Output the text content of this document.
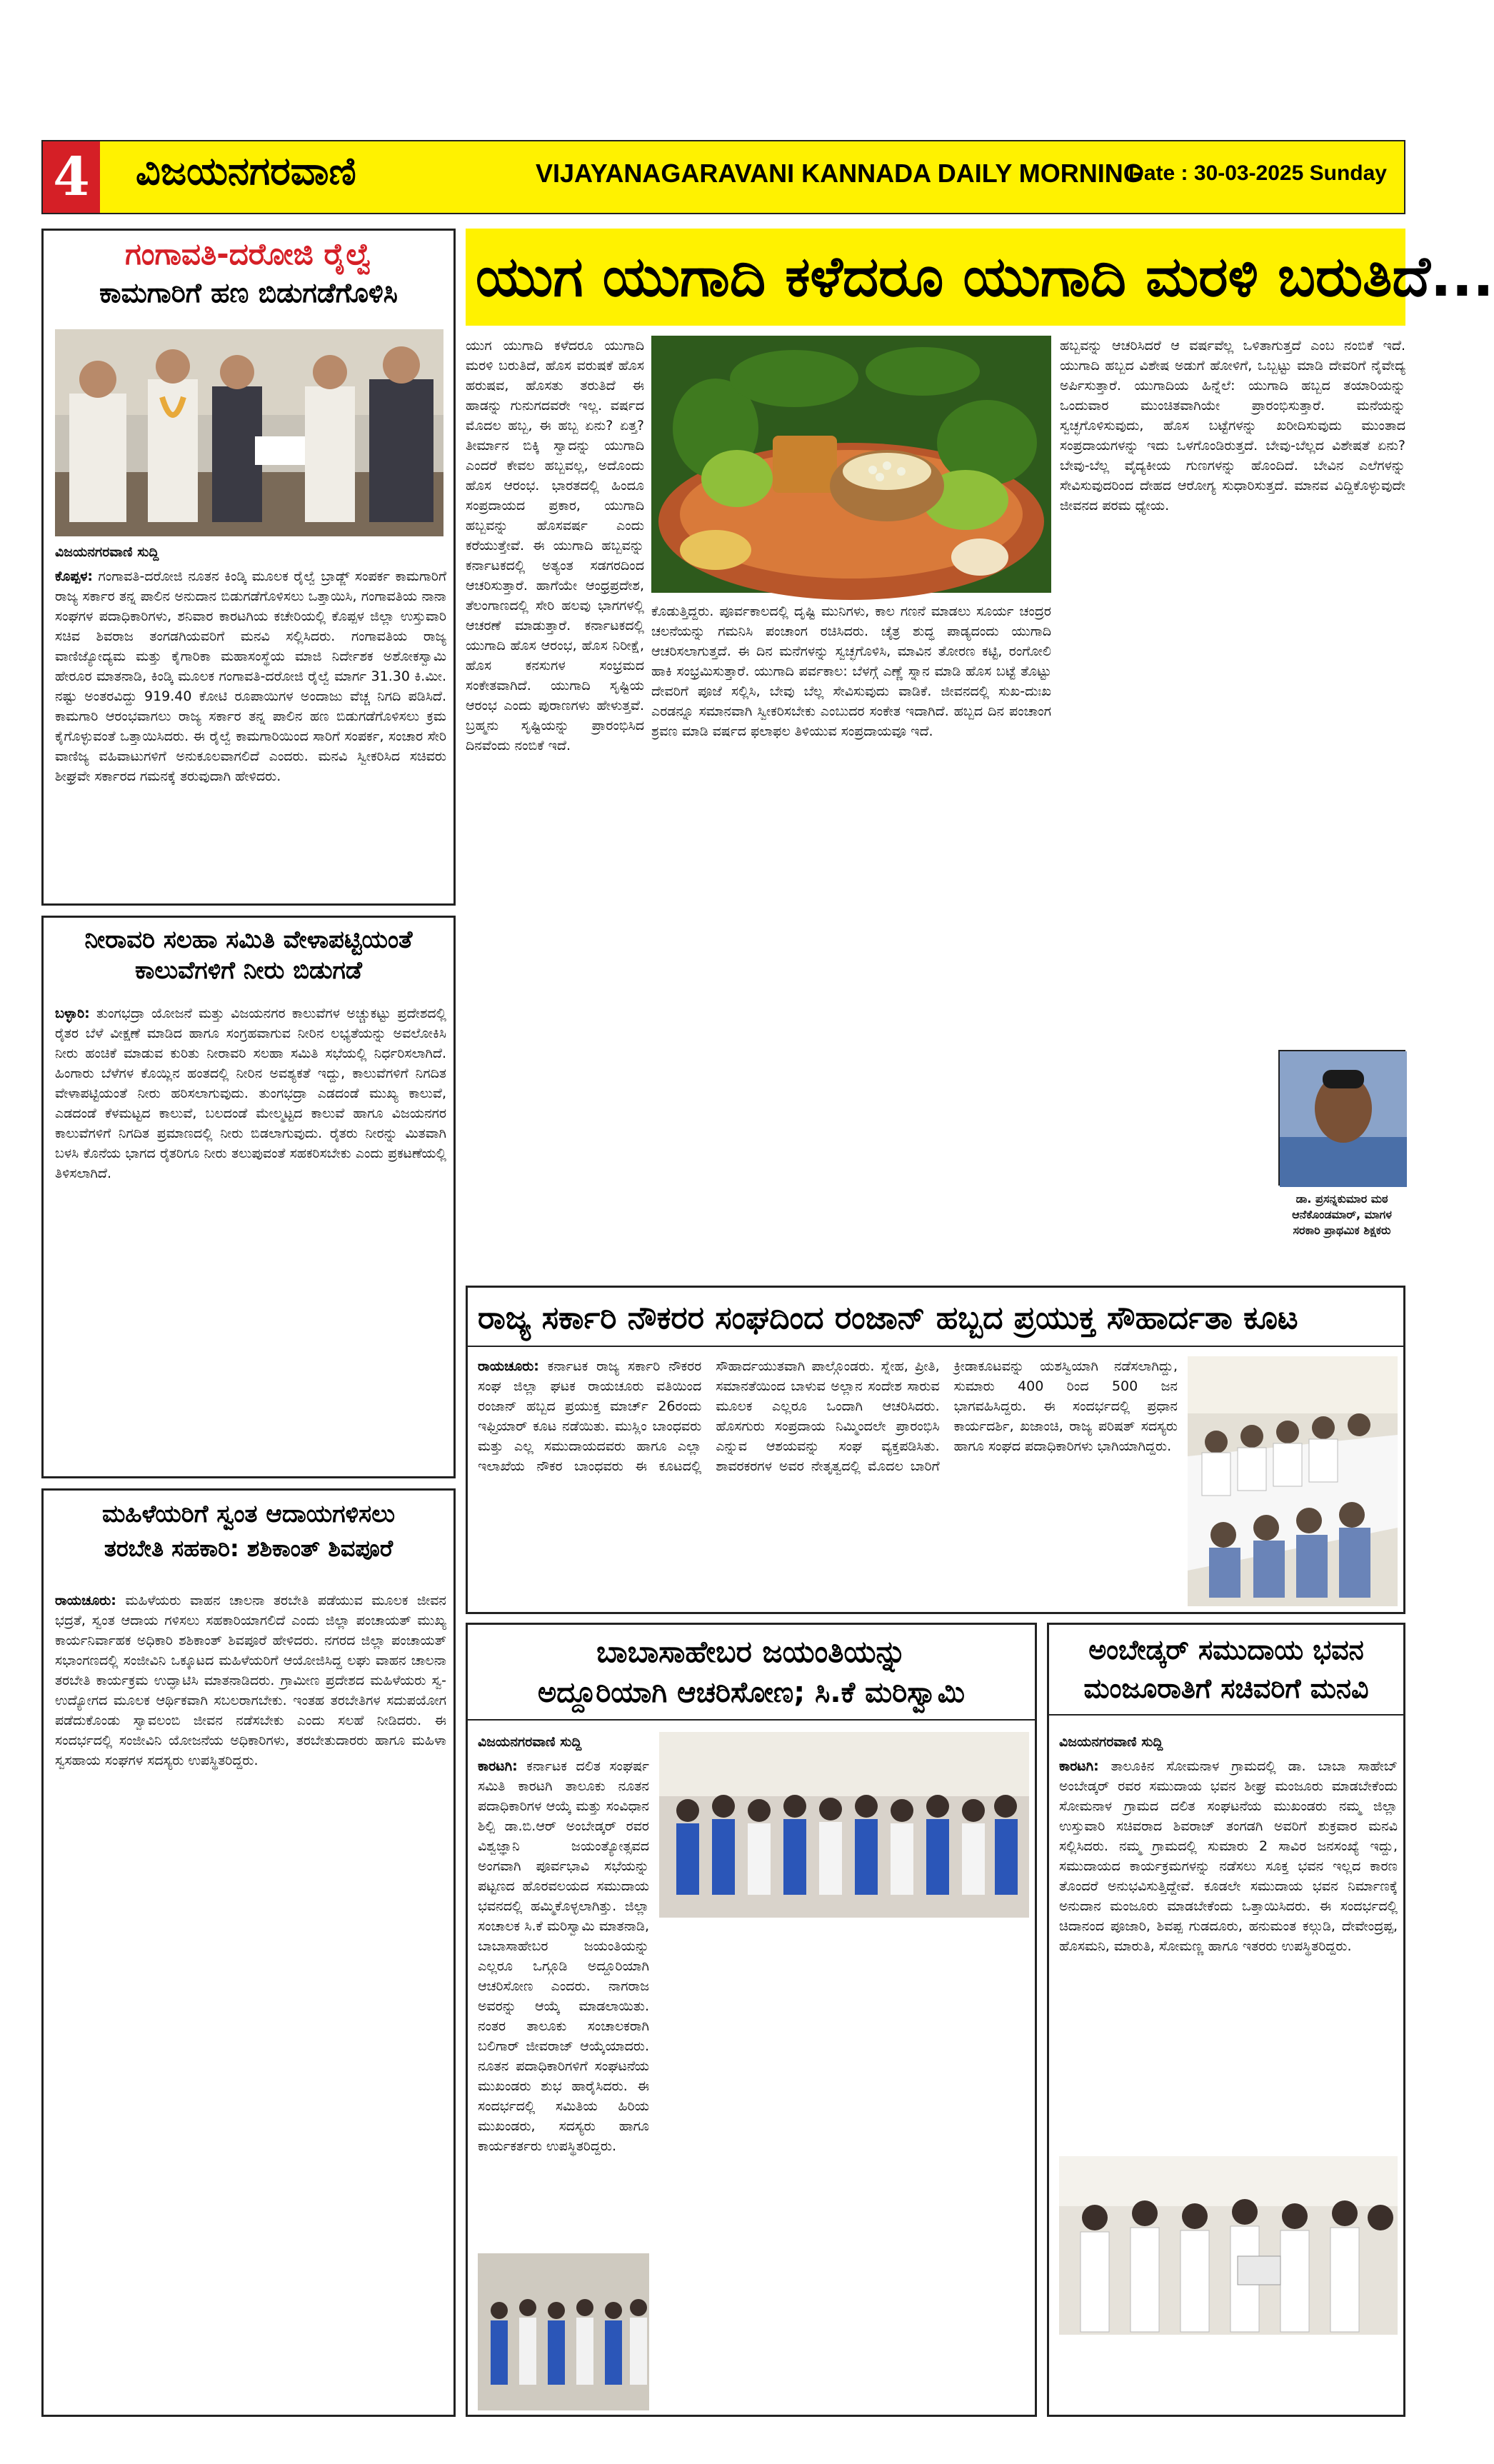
4 ವಿಜಯನಗರವಾಣಿ	VIJAYANAGARAVANI KANNADA DAILY MORNING
Date : 30-03-2025 Sunday
ಗಂಗಾವತಿ-ದರೋಜಿ ರೈಲ್ವೆ
ಕಾಮಗಾರಿಗೆ ಹಣ ಬಿಡುಗಡೆಗೊಳಿಸಿ
ವಿಜಯನಗರವಾಣಿ ಸುದ್ದಿ
ಕೊಪ್ಪಳ: ಗಂಗಾವತಿ-ದರೋಜಿ ನೂತನ ಕಿಂಡ್ಕಿ ಮೂಲಕ ರೈಲ್ವೆ ಬ್ರಾಡ್ಜ್ ಸಂಪರ್ಕ ಕಾಮಗಾರಿಗೆ ರಾಜ್ಯ ಸರ್ಕಾರ ತನ್ನ ಪಾಲಿನ ಅನುದಾನ ಬಿಡುಗಡೆಗೊಳಿಸಲು ಒತ್ತಾಯಿಸಿ, ಗಂಗಾವತಿಯ ನಾನಾ ಸಂಘಗಳ ಪದಾಧಿಕಾರಿಗಳು, ಶನಿವಾರ ಕಾರಟಗಿಯ ಕಚೇರಿಯಲ್ಲಿ ಕೊಪ್ಪಳ ಜಿಲ್ಲಾ ಉಸ್ತುವಾರಿ ಸಚಿವ ಶಿವರಾಜ ತಂಗಡಗಿಯವರಿಗೆ ಮನವಿ ಸಲ್ಲಿಸಿದರು. ಗಂಗಾವತಿಯ ರಾಜ್ಯ ವಾಣಿಜ್ಯೋದ್ಯಮ ಮತ್ತು ಕೈಗಾರಿಕಾ ಮಹಾಸಂಸ್ಥೆಯ ಮಾಜಿ ನಿರ್ದೇಶಕ ಅಶೋಕಸ್ವಾಮಿ ಹೇರೂರ ಮಾತನಾಡಿ, ಕಿಂಡ್ಕಿ ಮೂಲಕ ಗಂಗಾವತಿ-ದರೋಜಿ ರೈಲ್ವೆ ಮಾರ್ಗ 31.30 ಕಿ.ಮೀ. ನಷ್ಟು ಅಂತರವಿದ್ದು 919.40 ಕೋಟಿ ರೂಪಾಯಿಗಳ ಅಂದಾಜು ವೆಚ್ಚ ನಿಗದಿ ಪಡಿಸಿದೆ. ಕಾಮಗಾರಿ ಆರಂಭವಾಗಲು ರಾಜ್ಯ ಸರ್ಕಾರ ತನ್ನ ಪಾಲಿನ ಹಣ ಬಿಡುಗಡೆಗೊಳಿಸಲು ಕ್ರಮ ಕೈಗೊಳ್ಳುವಂತೆ ಒತ್ತಾಯಿಸಿದರು. ಈ ರೈಲ್ವೆ ಕಾಮಗಾರಿಯಿಂದ ಸಾರಿಗೆ ಸಂಪರ್ಕ, ಸಂಚಾರ ಸೇರಿ ವಾಣಿಜ್ಯ ವಹಿವಾಟುಗಳಿಗೆ ಅನುಕೂಲವಾಗಲಿದೆ ಎಂದರು. ಮನವಿ ಸ್ವೀಕರಿಸಿದ ಸಚಿವರು ಶೀಘ್ರವೇ ಸರ್ಕಾರದ ಗಮನಕ್ಕೆ ತರುವುದಾಗಿ ಹೇಳಿದರು.
ನೀರಾವರಿ ಸಲಹಾ ಸಮಿತಿ ವೇಳಾಪಟ್ಟಿಯಂತೆ ಕಾಲುವೆಗಳಿಗೆ ನೀರು ಬಿಡುಗಡೆ
ಬಳ್ಳಾರಿ: ತುಂಗಭದ್ರಾ ಯೋಜನೆ ಮತ್ತು ವಿಜಯನಗರ ಕಾಲುವೆಗಳ ಅಚ್ಚುಕಟ್ಟು ಪ್ರದೇಶದಲ್ಲಿ ರೈತರ ಬೆಳೆ ವೀಕ್ಷಣೆ ಮಾಡಿದ ಹಾಗೂ ಸಂಗ್ರಹವಾಗುವ ನೀರಿನ ಲಭ್ಯತೆಯನ್ನು ಅವಲೋಕಿಸಿ ನೀರು ಹಂಚಿಕೆ ಮಾಡುವ ಕುರಿತು ನೀರಾವರಿ ಸಲಹಾ ಸಮಿತಿ ಸಭೆಯಲ್ಲಿ ನಿರ್ಧರಿಸಲಾಗಿದೆ. ಹಿಂಗಾರು ಬೆಳೆಗಳ ಕೊಯ್ಲಿನ ಹಂತದಲ್ಲಿ ನೀರಿನ ಅವಶ್ಯಕತೆ ಇದ್ದು, ಕಾಲುವೆಗಳಿಗೆ ನಿಗದಿತ ವೇಳಾಪಟ್ಟಿಯಂತೆ ನೀರು ಹರಿಸಲಾಗುವುದು. ತುಂಗಭದ್ರಾ ಎಡದಂಡೆ ಮುಖ್ಯ ಕಾಲುವೆ, ಎಡದಂಡೆ ಕೆಳಮಟ್ಟದ ಕಾಲುವೆ, ಬಲದಂಡೆ ಮೇಲ್ಮಟ್ಟದ ಕಾಲುವೆ ಹಾಗೂ ವಿಜಯನಗರ ಕಾಲುವೆಗಳಿಗೆ ನಿಗದಿತ ಪ್ರಮಾಣದಲ್ಲಿ ನೀರು ಬಿಡಲಾಗುವುದು. ರೈತರು ನೀರನ್ನು ಮಿತವಾಗಿ ಬಳಸಿ ಕೊನೆಯ ಭಾಗದ ರೈತರಿಗೂ ನೀರು ತಲುಪುವಂತೆ ಸಹಕರಿಸಬೇಕು ಎಂದು ಪ್ರಕಟಣೆಯಲ್ಲಿ ತಿಳಿಸಲಾಗಿದೆ.
ಮಹಿಳೆಯರಿಗೆ ಸ್ವಂತ ಆದಾಯಗಳಿಸಲು
ತರಬೇತಿ ಸಹಕಾರಿ: ಶಶಿಕಾಂತ್ ಶಿವಪೂರೆ
ರಾಯಚೂರು: ಮಹಿಳೆಯರು ವಾಹನ ಚಾಲನಾ ತರಬೇತಿ ಪಡೆಯುವ ಮೂಲಕ ಜೀವನ ಭದ್ರತೆ, ಸ್ವಂತ ಆದಾಯ ಗಳಿಸಲು ಸಹಕಾರಿಯಾಗಲಿದೆ ಎಂದು ಜಿಲ್ಲಾ ಪಂಚಾಯತ್ ಮುಖ್ಯ ಕಾರ್ಯನಿರ್ವಾಹಕ ಅಧಿಕಾರಿ ಶಶಿಕಾಂತ್ ಶಿವಪೂರೆ ಹೇಳಿದರು. ನಗರದ ಜಿಲ್ಲಾ ಪಂಚಾಯತ್ ಸಭಾಂಗಣದಲ್ಲಿ ಸಂಜೀವಿನಿ ಒಕ್ಕೂಟದ ಮಹಿಳೆಯರಿಗೆ ಆಯೋಜಿಸಿದ್ದ ಲಘು ವಾಹನ ಚಾಲನಾ ತರಬೇತಿ ಕಾರ್ಯಕ್ರಮ ಉದ್ಘಾಟಿಸಿ ಮಾತನಾಡಿದರು. ಗ್ರಾಮೀಣ ಪ್ರದೇಶದ ಮಹಿಳೆಯರು ಸ್ವ-ಉದ್ಯೋಗದ ಮೂಲಕ ಆರ್ಥಿಕವಾಗಿ ಸಬಲರಾಗಬೇಕು. ಇಂತಹ ತರಬೇತಿಗಳ ಸದುಪಯೋಗ ಪಡೆದುಕೊಂಡು ಸ್ವಾವಲಂಬಿ ಜೀವನ ನಡೆಸಬೇಕು ಎಂದು ಸಲಹೆ ನೀಡಿದರು. ಈ ಸಂದರ್ಭದಲ್ಲಿ ಸಂಜೀವಿನಿ ಯೋಜನೆಯ ಅಧಿಕಾರಿಗಳು, ತರಬೇತುದಾರರು ಹಾಗೂ ಮಹಿಳಾ ಸ್ವಸಹಾಯ ಸಂಘಗಳ ಸದಸ್ಯರು ಉಪಸ್ಥಿತರಿದ್ದರು.
ಯುಗ ಯುಗಾದಿ ಕಳೆದರೂ ಯುಗಾದಿ ಮರಳಿ ಬರುತಿದೆ...
ಯುಗ ಯುಗಾದಿ ಕಳೆದರೂ ಯುಗಾದಿ ಮರಳಿ ಬರುತಿದೆ, ಹೊಸ ವರುಷಕೆ ಹೊಸ ಹರುಷವ, ಹೊಸತು ತರುತಿದೆ ಈ ಹಾಡನ್ನು ಗುನುಗದವರೇ ಇಲ್ಲ. ವರ್ಷದ ಮೊದಲ ಹಬ್ಬ, ಈ ಹಬ್ಬ ಏನು? ಏತ್ತ? ತೀರ್ಮಾನ ಬಿಕ್ಕಿ ಸ್ವಾದನ್ನು ಯುಗಾದಿ ಎಂದರೆ ಕೇವಲ ಹಬ್ಬವಲ್ಲ, ಅದೊಂದು ಹೊಸ ಆರಂಭ. ಭಾರತದಲ್ಲಿ ಹಿಂದೂ ಸಂಪ್ರದಾಯದ ಪ್ರಕಾರ, ಯುಗಾದಿ ಹಬ್ಬವನ್ನು ಹೊಸವರ್ಷ ಎಂದು ಕರೆಯುತ್ತೇವೆ. ಈ ಯುಗಾದಿ ಹಬ್ಬವನ್ನು ಕರ್ನಾಟಕದಲ್ಲಿ ಅತ್ಯಂತ ಸಡಗರದಿಂದ ಆಚರಿಸುತ್ತಾರೆ. ಹಾಗೆಯೇ ಆಂಧ್ರಪ್ರದೇಶ, ತೆಲಂಗಾಣದಲ್ಲಿ ಸೇರಿ ಹಲವು ಭಾಗಗಳಲ್ಲಿ ಆಚರಣೆ ಮಾಡುತ್ತಾರೆ. ಕರ್ನಾಟಕದಲ್ಲಿ ಯುಗಾದಿ ಹೊಸ ಆರಂಭ, ಹೊಸ ನಿರೀಕ್ಷೆ, ಹೊಸ ಕನಸುಗಳ ಸಂಭ್ರಮದ ಸಂಕೇತವಾಗಿದೆ. ಯುಗಾದಿ ಸೃಷ್ಟಿಯ ಆರಂಭ ಎಂದು ಪುರಾಣಗಳು ಹೇಳುತ್ತವೆ. ಬ್ರಹ್ಮನು ಸೃಷ್ಟಿಯನ್ನು ಪ್ರಾರಂಭಿಸಿದ ದಿನವೆಂದು ನಂಬಿಕೆ ಇದೆ.
ಹಬ್ಬವನ್ನು ಆಚರಿಸಿದರೆ ಆ ವರ್ಷವೆಲ್ಲ ಒಳಿತಾಗುತ್ತದೆ ಎಂಬ ನಂಬಿಕೆ ಇದೆ. ಯುಗಾದಿ ಹಬ್ಬದ ವಿಶೇಷ ಅಡುಗೆ ಹೋಳಿಗೆ, ಒಬ್ಬಟ್ಟು ಮಾಡಿ ದೇವರಿಗೆ ನೈವೇದ್ಯ ಅರ್ಪಿಸುತ್ತಾರೆ. ಯುಗಾದಿಯ ಹಿನ್ನೆಲೆ: ಯುಗಾದಿ ಹಬ್ಬದ ತಯಾರಿಯನ್ನು ಒಂದುವಾರ ಮುಂಚಿತವಾಗಿಯೇ ಪ್ರಾರಂಭಿಸುತ್ತಾರೆ. ಮನೆಯನ್ನು ಸ್ವಚ್ಛಗೊಳಿಸುವುದು, ಹೊಸ ಬಟ್ಟೆಗಳನ್ನು ಖರೀದಿಸುವುದು ಮುಂತಾದ ಸಂಪ್ರದಾಯಗಳನ್ನು ಇದು ಒಳಗೊಂಡಿರುತ್ತದೆ. ಬೇವು-ಬೆಲ್ಲದ ವಿಶೇಷತೆ ಏನು? ಬೇವು-ಬೆಲ್ಲ ವೈದ್ಯಕೀಯ ಗುಣಗಳನ್ನು ಹೊಂದಿದೆ. ಬೇವಿನ ಎಲೆಗಳನ್ನು ಸೇವಿಸುವುದರಿಂದ ದೇಹದ ಆರೋಗ್ಯ ಸುಧಾರಿಸುತ್ತದೆ. ಮಾನವ ವಿದ್ದಿಕೊಳ್ಳುವುದೇ ಜೀವನದ ಪರಮ ಧ್ಯೇಯ.
ಕೊಡುತ್ತಿದ್ದರು. ಪೂರ್ವಕಾಲದಲ್ಲಿ ದೃಷ್ಟಿ ಮುನಿಗಳು, ಕಾಲ ಗಣನೆ ಮಾಡಲು ಸೂರ್ಯ ಚಂದ್ರರ ಚಲನೆಯನ್ನು ಗಮನಿಸಿ ಪಂಚಾಂಗ ರಚಿಸಿದರು. ಚೈತ್ರ ಶುದ್ಧ ಪಾಡ್ಯದಂದು ಯುಗಾದಿ ಆಚರಿಸಲಾಗುತ್ತದೆ. ಈ ದಿನ ಮನೆಗಳನ್ನು ಸ್ವಚ್ಛಗೊಳಿಸಿ, ಮಾವಿನ ತೋರಣ ಕಟ್ಟಿ, ರಂಗೋಲಿ ಹಾಕಿ ಸಂಭ್ರಮಿಸುತ್ತಾರೆ. ಯುಗಾದಿ ಪರ್ವಕಾಲ: ಬೆಳಗ್ಗೆ ಎಣ್ಣೆ ಸ್ನಾನ ಮಾಡಿ ಹೊಸ ಬಟ್ಟೆ ತೊಟ್ಟು ದೇವರಿಗೆ ಪೂಜೆ ಸಲ್ಲಿಸಿ, ಬೇವು ಬೆಲ್ಲ ಸೇವಿಸುವುದು ವಾಡಿಕೆ. ಜೀವನದಲ್ಲಿ ಸುಖ-ದುಃಖ ಎರಡನ್ನೂ ಸಮಾನವಾಗಿ ಸ್ವೀಕರಿಸಬೇಕು ಎಂಬುದರ ಸಂಕೇತ ಇದಾಗಿದೆ. ಹಬ್ಬದ ದಿನ ಪಂಚಾಂಗ ಶ್ರವಣ ಮಾಡಿ ವರ್ಷದ ಫಲಾಫಲ ತಿಳಿಯುವ ಸಂಪ್ರದಾಯವೂ ಇದೆ.
ಡಾ. ಪ್ರಸನ್ನಕುಮಾರ ಮಠ ಆನೆಕೊಂಡಮಾರ್, ಮಾಗಳ ಸರಕಾರಿ ಪ್ರಾಥಮಿಕ ಶಿಕ್ಷಕರು
ರಾಜ್ಯ ಸರ್ಕಾರಿ ನೌಕರರ ಸಂಘದಿಂದ ರಂಜಾನ್ ಹಬ್ಬದ ಪ್ರಯುಕ್ತ ಸೌಹಾರ್ದತಾ ಕೂಟ
ರಾಯಚೂರು: ಕರ್ನಾಟಕ ರಾಜ್ಯ ಸರ್ಕಾರಿ ನೌಕರರ ಸಂಘ ಜಿಲ್ಲಾ ಘಟಕ ರಾಯಚೂರು ವತಿಯಿಂದ ರಂಜಾನ್ ಹಬ್ಬದ ಪ್ರಯುಕ್ತ ಮಾರ್ಚ್ 26ರಂದು ಇಫ್ತಿಯಾರ್ ಕೂಟ ನಡೆಯಿತು. ಮುಸ್ಲಿಂ ಬಾಂಧವರು ಮತ್ತು ಎಲ್ಲ ಸಮುದಾಯದವರು ಹಾಗೂ ಎಲ್ಲಾ ಇಲಾಖೆಯ ನೌಕರ ಬಾಂಧವರು ಈ ಕೂಟದಲ್ಲಿ ಸೌಹಾರ್ದಯುತವಾಗಿ ಪಾಲ್ಗೊಂಡರು. ಸ್ನೇಹ, ಪ್ರೀತಿ, ಸಮಾನತೆಯಿಂದ ಬಾಳುವ ಅಲ್ಲಾನ ಸಂದೇಶ ಸಾರುವ ಮೂಲಕ ಎಲ್ಲರೂ ಒಂದಾಗಿ ಆಚರಿಸಿದರು. ಹೊಸಗುರು ಸಂಪ್ರದಾಯ ನಿಮ್ಮಿಂದಲೇ ಪ್ರಾರಂಭಿಸಿ ಎನ್ನುವ ಆಶಯವನ್ನು ಸಂಘ ವ್ಯಕ್ತಪಡಿಸಿತು. ಶಾವರಕರಗಳ ಅವರ ನೇತೃತ್ವದಲ್ಲಿ ಮೊದಲ ಬಾರಿಗೆ ಕ್ರೀಡಾಕೂಟವನ್ನು ಯಶಸ್ವಿಯಾಗಿ ನಡೆಸಲಾಗಿದ್ದು, ಸುಮಾರು 400 ರಿಂದ 500 ಜನ ಭಾಗವಹಿಸಿದ್ದರು. ಈ ಸಂದರ್ಭದಲ್ಲಿ ಪ್ರಧಾನ ಕಾರ್ಯದರ್ಶಿ, ಖಜಾಂಚಿ, ರಾಜ್ಯ ಪರಿಷತ್ ಸದಸ್ಯರು ಹಾಗೂ ಸಂಘದ ಪದಾಧಿಕಾರಿಗಳು ಭಾಗಿಯಾಗಿದ್ದರು.
ಬಾಬಾಸಾಹೇಬರ ಜಯಂತಿಯನ್ನು
ಅದ್ದೂರಿಯಾಗಿ ಆಚರಿಸೋಣ; ಸಿ.ಕೆ ಮರಿಸ್ವಾಮಿ
ವಿಜಯನಗರವಾಣಿ ಸುದ್ದಿ
ಕಾರಟಗಿ: ಕರ್ನಾಟಕ ದಲಿತ ಸಂಘರ್ಷ ಸಮಿತಿ ಕಾರಟಗಿ ತಾಲೂಕು ನೂತನ ಪದಾಧಿಕಾರಿಗಳ ಆಯ್ಕೆ ಮತ್ತು ಸಂವಿಧಾನ ಶಿಲ್ಪಿ ಡಾ.ಬಿ.ಆರ್ ಅಂಬೇಡ್ಕರ್ ರವರ ವಿಶ್ವಜ್ಞಾನಿ ಜಯಂತ್ಯೋತ್ಸವದ ಅಂಗವಾಗಿ ಪೂರ್ವಭಾವಿ ಸಭೆಯನ್ನು ಪಟ್ಟಣದ ಹೊರವಲಯದ ಸಮುದಾಯ ಭವನದಲ್ಲಿ ಹಮ್ಮಿಕೊಳ್ಳಲಾಗಿತ್ತು. ಜಿಲ್ಲಾ ಸಂಚಾಲಕ ಸಿ.ಕೆ ಮರಿಸ್ವಾಮಿ ಮಾತನಾಡಿ, ಬಾಬಾಸಾಹೇಬರ ಜಯಂತಿಯನ್ನು ಎಲ್ಲರೂ ಒಗ್ಗೂಡಿ ಅದ್ದೂರಿಯಾಗಿ ಆಚರಿಸೋಣ ಎಂದರು. ನಾಗರಾಜ ಅವರನ್ನು ಆಯ್ಕೆ ಮಾಡಲಾಯಿತು. ನಂತರ ತಾಲೂಕು ಸಂಚಾಲಕರಾಗಿ ಬಲಿಗಾರ್ ಜೀವರಾಜ್ ಆಯ್ಕೆಯಾದರು. ನೂತನ ಪದಾಧಿಕಾರಿಗಳಿಗೆ ಸಂಘಟನೆಯ ಮುಖಂಡರು ಶುಭ ಹಾರೈಸಿದರು. ಈ ಸಂದರ್ಭದಲ್ಲಿ ಸಮಿತಿಯ ಹಿರಿಯ ಮುಖಂಡರು, ಸದಸ್ಯರು ಹಾಗೂ ಕಾರ್ಯಕರ್ತರು ಉಪಸ್ಥಿತರಿದ್ದರು.
ಅಂಬೇಡ್ಕರ್ ಸಮುದಾಯ ಭವನ
ಮಂಜೂರಾತಿಗೆ ಸಚಿವರಿಗೆ ಮನವಿ
ವಿಜಯನಗರವಾಣಿ ಸುದ್ದಿ
ಕಾರಟಗಿ: ತಾಲೂಕಿನ ಸೋಮನಾಳ ಗ್ರಾಮದಲ್ಲಿ ಡಾ. ಬಾಬಾ ಸಾಹೇಬ್ ಅಂಬೇಡ್ಕರ್ ರವರ ಸಮುದಾಯ ಭವನ ಶೀಘ್ರ ಮಂಜೂರು ಮಾಡಬೇಕೆಂದು ಸೋಮನಾಳ ಗ್ರಾಮದ ದಲಿತ ಸಂಘಟನೆಯ ಮುಖಂಡರು ನಮ್ಮ ಜಿಲ್ಲಾ ಉಸ್ತುವಾರಿ ಸಚಿವರಾದ ಶಿವರಾಜ್ ತಂಗಡಗಿ ಅವರಿಗೆ ಶುಕ್ರವಾರ ಮನವಿ ಸಲ್ಲಿಸಿದರು. ನಮ್ಮ ಗ್ರಾಮದಲ್ಲಿ ಸುಮಾರು 2 ಸಾವಿರ ಜನಸಂಖ್ಯೆ ಇದ್ದು, ಸಮುದಾಯದ ಕಾರ್ಯಕ್ರಮಗಳನ್ನು ನಡೆಸಲು ಸೂಕ್ತ ಭವನ ಇಲ್ಲದ ಕಾರಣ ತೊಂದರೆ ಅನುಭವಿಸುತ್ತಿದ್ದೇವೆ. ಕೂಡಲೇ ಸಮುದಾಯ ಭವನ ನಿರ್ಮಾಣಕ್ಕೆ ಅನುದಾನ ಮಂಜೂರು ಮಾಡಬೇಕೆಂದು ಒತ್ತಾಯಿಸಿದರು. ಈ ಸಂದರ್ಭದಲ್ಲಿ ಚಿದಾನಂದ ಪೂಜಾರಿ, ಶಿವಪ್ಪ ಗುಡದೂರು, ಹನುಮಂತ ಕಲ್ಗುಡಿ, ದೇವೇಂದ್ರಪ್ಪ, ಹೊಸಮನಿ, ಮಾರುತಿ, ಸೋಮಣ್ಣ ಹಾಗೂ ಇತರರು ಉಪಸ್ಥಿತರಿದ್ದರು.
